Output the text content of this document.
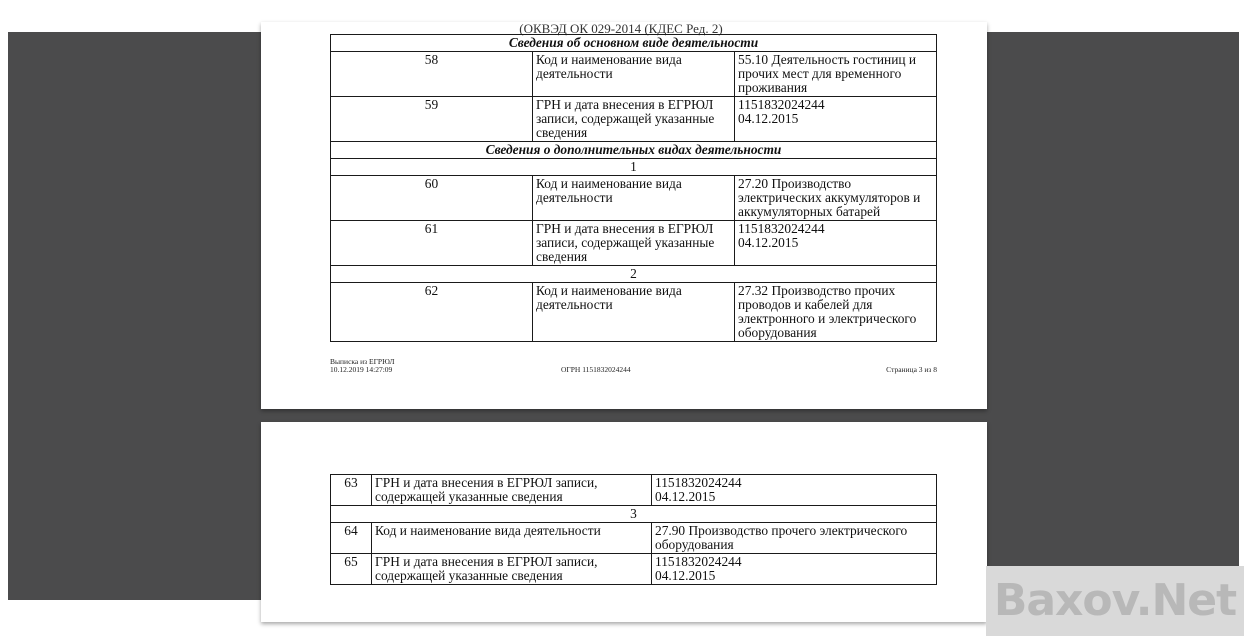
(ОКВЭД ОК 029-2014 (КДЕС Ред. 2)
Сведения об основном виде деятельности		
58	Код и наименование вида деятельности	55.10 Деятельность гостиниц и прочих мест для временного проживания
59	ГРН и дата внесения в ЕГРЮЛ записи, содержащей указанные сведения	1151832024244
04.12.2015
Сведения о дополнительных видах деятельности		
1		
60	Код и наименование вида деятельности	27.20 Производство электрических аккумуляторов и аккумуляторных батарей
61	ГРН и дата внесения в ЕГРЮЛ записи, содержащей указанные сведения	1151832024244
04.12.2015
2		
62	Код и наименование вида деятельности	27.32 Производство прочих проводов и кабелей для электронного и электрического оборудования
Выписка из ЕГРЮЛ
10.12.2019 14:27:09	ОГРН 1151832024244	Страница 3 из 8
63	ГРН и дата внесения в ЕГРЮЛ записи, содержащей указанные сведения	1151832024244
04.12.2015
3		
64	Код и наименование вида деятельности	27.90 Производство прочего электрического оборудования
65	ГРН и дата внесения в ЕГРЮЛ записи, содержащей указанные сведения	1151832024244
04.12.2015	Baxov.Net
